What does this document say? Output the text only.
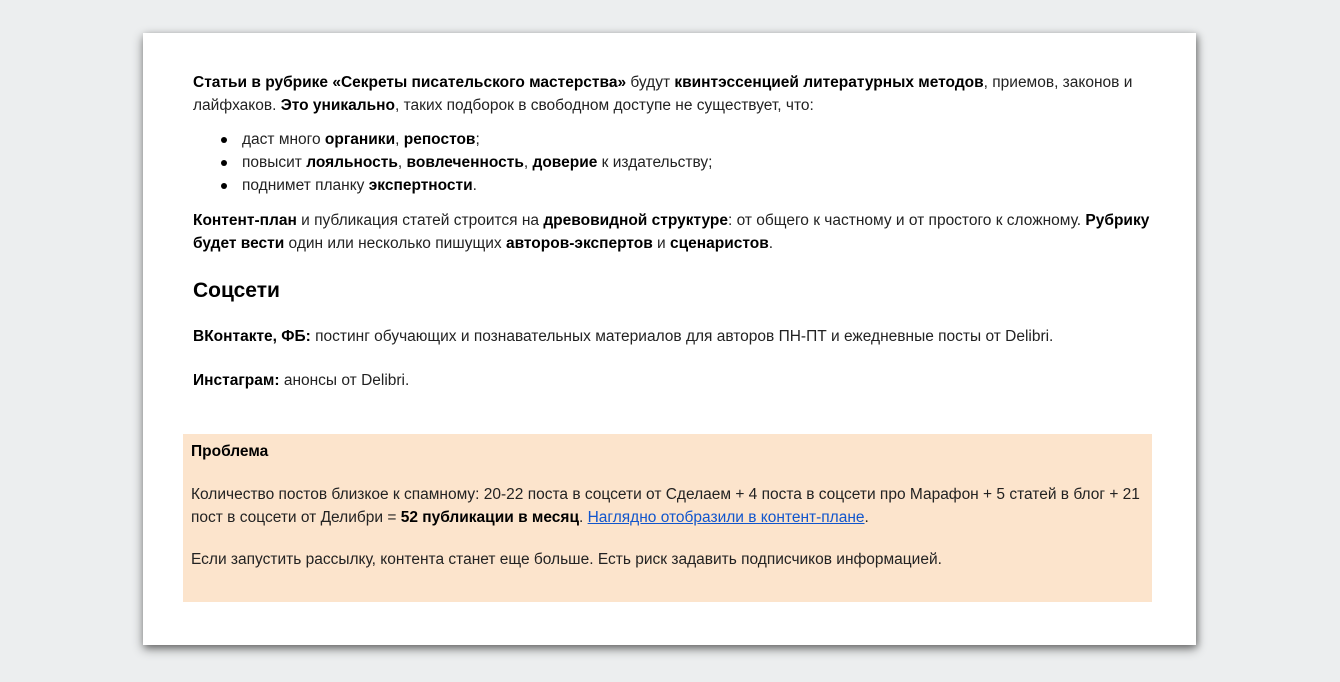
Статьи в рубрике «Секреты писательского мастерства» будут квинтэссенцией литературных методов, приемов, законов и лайфхаков. Это уникально, таких подборок в свободном доступе не существует, что:

даст много органики, репостов;
повысит лояльность, вовлеченность, доверие к издательству;
поднимет планку экспертности.

Контент-план и публикация статей строится на древовидной структуре: от общего к частному и от простого к сложному. Рубрику будет вести один или несколько пишущих авторов-экспертов и сценаристов.

Соцсети

ВКонтакте, ФБ: постинг обучающих и познавательных материалов для авторов ПН-ПТ и ежедневные посты от Delibri.

Инстаграм: анонсы от Delibri.

Проблема

Количество постов близкое к спамному: 20-22 поста в соцсети от Сделаем + 4 поста в соцсети про Марафон + 5 статей в блог + 21 пост в соцсети от Делибри = 52 публикации в месяц. Наглядно отобразили в контент-плане.

Если запустить рассылку, контента станет еще больше. Есть риск задавить подписчиков информацией.
